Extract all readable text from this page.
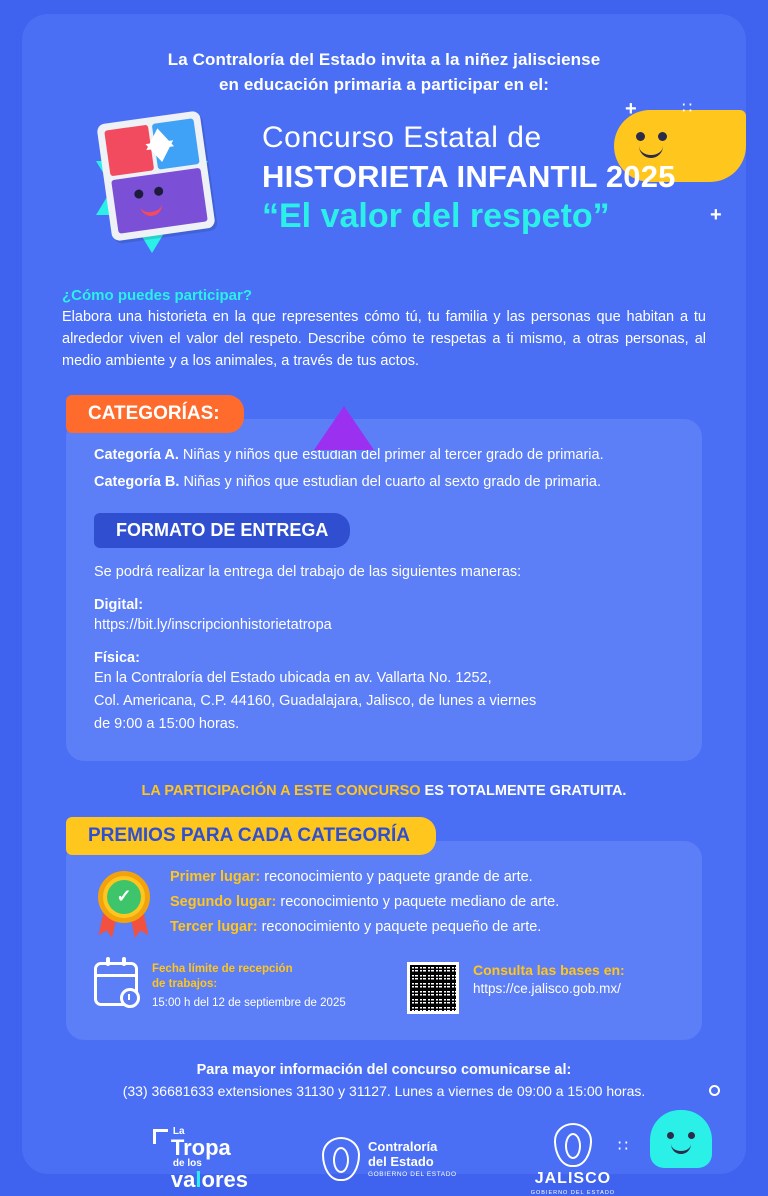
+
+
∷
La Contraloría del Estado invita a la niñez jalisciense
en educación primaria a participar en el:
Concurso Estatal de
HISTORIETA INFANTIL 2025
“El valor del respeto”
¿Cómo puedes participar?
Elabora una historieta en la que representes cómo tú, tu familia y las personas que habitan a tu alrededor viven el valor del respeto. Describe cómo te respetas a ti mismo, a otras personas, al medio ambiente y a los animales, a través de tus actos.
CATEGORÍAS:
Categoría A. Niñas y niños que estudian del primer al tercer grado de primaria.
Categoría B. Niñas y niños que estudian del cuarto al sexto grado de primaria.
FORMATO DE ENTREGA
Se podrá realizar la entrega del trabajo de las siguientes maneras:
Digital:
https://bit.ly/inscripcionhistorietatropa
Física:
En la Contraloría del Estado ubicada en av. Vallarta No. 1252,
Col. Americana, C.P. 44160, Guadalajara, Jalisco, de lunes a viernes
de 9:00 a 15:00 horas.
LA PARTICIPACIÓN A ESTE CONCURSO ES TOTALMENTE GRATUITA.
PREMIOS PARA CADA CATEGORÍA
✓
Primer lugar: reconocimiento y paquete grande de arte.
Segundo lugar: reconocimiento y paquete mediano de arte.
Tercer lugar: reconocimiento y paquete pequeño de arte.
Fecha límite de recepción
de trabajos:
15:00 h del 12 de septiembre de 2025
Consulta las bases en:
https://ce.jalisco.gob.mx/
Para mayor información del concurso comunicarse al:
(33) 36681633 extensiones 31130 y 31127. Lunes a viernes de 09:00 a 15:00 horas.
La
Tropa
de los
valores
Contraloría
del Estado
GOBIERNO DEL ESTADO	JALISCO
GOBIERNO DEL ESTADO
∷
